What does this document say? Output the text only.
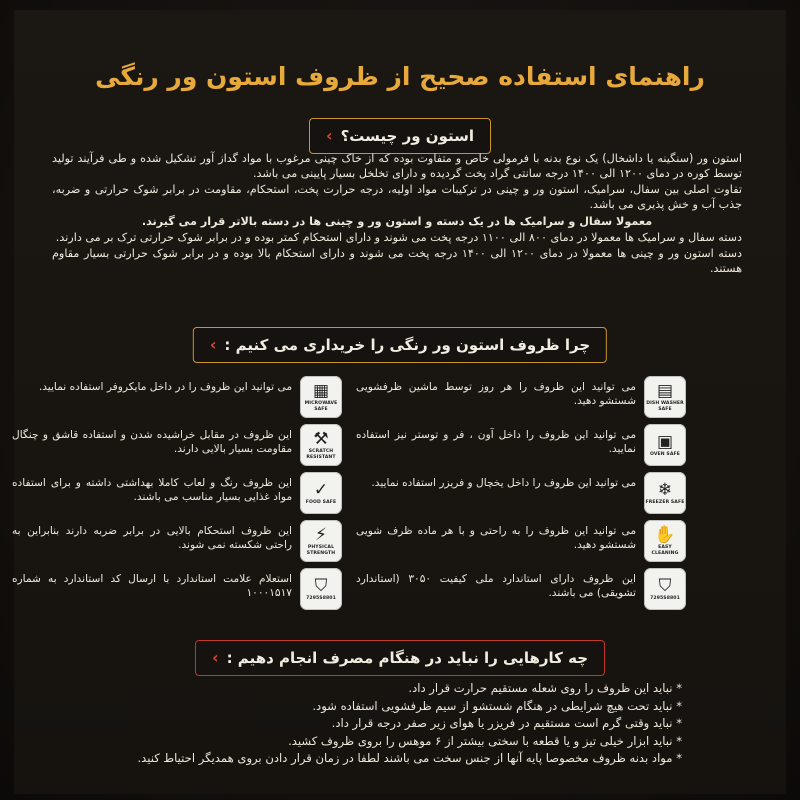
راهنمای استفاده صحیح از ظروف استون ور رنگی
استون ور چیست؟
›

استون ور (سنگینه یا داشخال) یک نوع بدنه با فرمولی خاص و متفاوت بوده که از خاک چینی مرغوب با مواد گداز آور تشکیل شده و طی فرآیند تولید توسط کوره در دمای ۱۲۰۰ الی ۱۴۰۰ درجه سانتی گراد پخت گردیده و دارای تخلخل بسیار پایینی می باشد.

تفاوت اصلی بین سفال، سرامیک، استون ور و چینی در ترکیبات مواد اولیه، درجه حرارت پخت، استحکام، مقاومت در برابر شوک حرارتی و ضربه، جذب آب و خش پذیری می باشد.

معمولا سفال و سرامیک ها در یک دسته و استون ور و چینی ها در دسته بالاتر قرار می گیرند.

دسته سفال و سرامیک ها معمولا در دمای ۸۰۰ الی ۱۱۰۰ درجه پخت می شوند و دارای استحکام کمتر بوده و در برابر شوک حرارتی ترک بر می دارند.

دسته استون ور و چینی ها معمولا در دمای ۱۲۰۰ الی ۱۴۰۰ درجه پخت می شوند و دارای استحکام بالا بوده و در برابر شوک حرارتی بسیار مقاوم هستند.

چرا ظروف استون ور رنگی را خریداری می کنیم :
›
▤
DISH WASHER SAFE
می توانید این ظروف را هر روز توسط ماشین ظرفشویی شستشو دهید.
▣
OVEN SAFE
می توانید این ظروف را داخل آون ، فر و توستر نیز استفاده نمایید.
❄
FREEZER SAFE
می توانید این ظروف را داخل یخچال و فریزر استفاده نمایید.
✋
EASY CLEANING
می توانید این ظروف را به راحتی و با هر ماده ظرف شویی شستشو دهید.
⛉
7295S8801
این ظروف دارای استاندارد ملی کیفیت ۳۰۵۰ (استاندارد تشویقی) می باشند.
▦
MICROWAVE SAFE
می توانید این ظروف را در داخل مایکروفر استفاده نمایید.
⚒
SCRATCH RESISTANT
این ظروف در مقابل خراشیده شدن و استفاده قاشق و چنگال مقاومت بسیار بالایی دارند.
✓
FOOD SAFE
این ظروف رنگ و لعاب کاملا بهداشتی داشته و برای استفاده مواد غذایی بسیار مناسب می باشند.
⚡
PHYSICAL STRENGTH
این ظروف استحکام بالایی در برابر ضربه دارند بنابراین به راحتی شکسته نمی شوند.
⛉
7295S8801
استعلام علامت استاندارد با ارسال کد استاندارد به شماره ۱۰۰۰۱۵۱۷
چه کارهایی را نباید در هنگام مصرف انجام دهیم :
›
* نباید این ظروف را روی شعله مستقیم حرارت قرار داد.
* نباید تحت هیچ شرایطی در هنگام شستشو از سیم ظرفشویی استفاده شود.
* نباید وقتی گرم است مستقیم در فریزر یا هوای زیر صفر درجه قرار داد.
* نباید ابزار خیلی تیز و یا قطعه با سختی بیشتر از ۶ موهس را بروی ظروف کشید.
* مواد بدنه ظروف مخصوصا پایه آنها از جنس سخت می باشند لطفا در زمان قرار دادن بروی همدیگر احتیاط کنید.
